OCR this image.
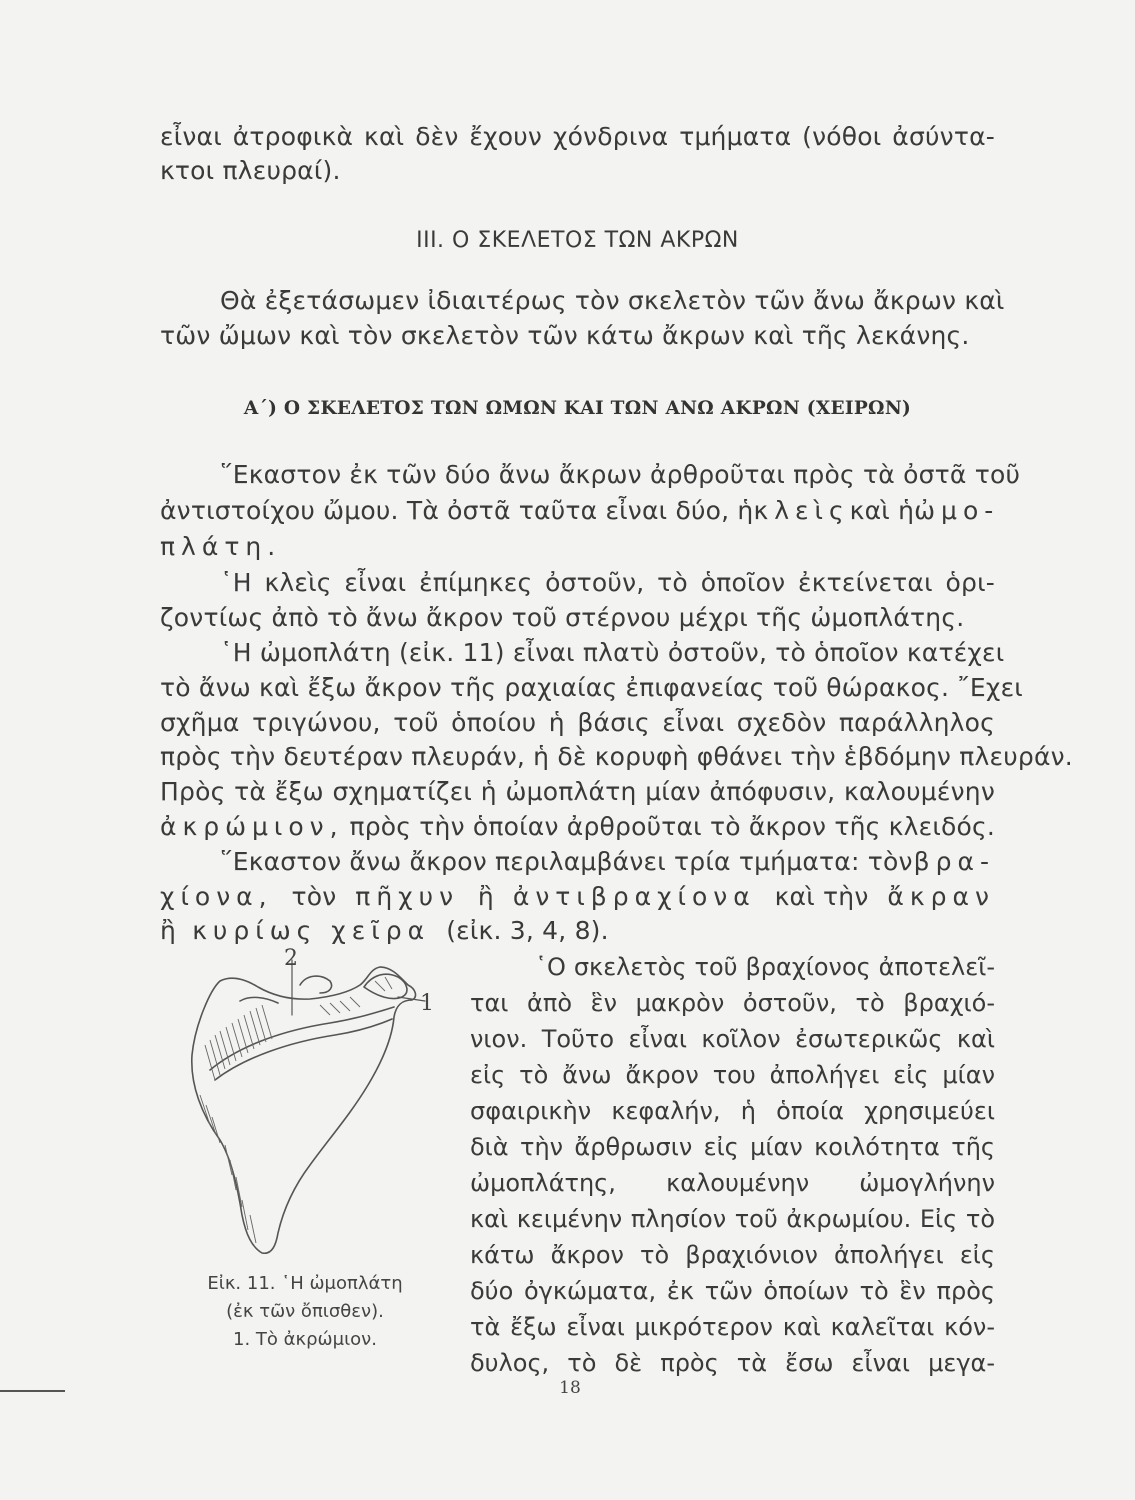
εἶναι ἀτροφικὰ καὶ δὲν ἔχουν χόνδρινα τμήματα (νόθοι ἀσύντα-
κτοι πλευραί).
III. Ο ΣΚΕΛΕΤΟΣ ΤΩΝ ΑΚΡΩΝ
Θὰ ἐξετάσωμεν ἰδιαιτέρως τὸν σκελετὸν τῶν ἄνω ἄκρων καὶ
τῶν ὤμων καὶ τὸν σκελετὸν τῶν κάτω ἄκρων καὶ τῆς λεκάνης.
Α΄) Ο ΣΚΕΛΕΤΟΣ ΤΩΝ ΩΜΩΝ ΚΑΙ ΤΩΝ ΑΝΩ ΑΚΡΩΝ (ΧΕΙΡΩΝ)
῞Εκαστον ἐκ τῶν δύο ἄνω ἄκρων ἀρθροῦται πρὸς τὰ ὀστᾶ τοῦ
ἀντιστοίχου ὤμου. Τὰ ὀστᾶ ταῦτα εἶναι δύο, ἡ κλεὶς καὶ ἡ ὠμο-
πλάτη.
῾Η κλεὶς εἶναι ἐπίμηκες ὀστοῦν, τὸ ὁποῖον ἐκτείνεται ὁρι-
ζοντίως ἀπὸ τὸ ἄνω ἄκρον τοῦ στέρνου μέχρι τῆς ὠμοπλάτης.
῾Η ὠμοπλάτη (εἰκ. 11) εἶναι πλατὺ ὀστοῦν, τὸ ὁποῖον κατέχει
τὸ ἄνω καὶ ἔξω ἄκρον τῆς ραχιαίας ἐπιφανείας τοῦ θώρακος. ῎Εχει
σχῆμα τριγώνου, τοῦ ὁποίου ἡ βάσις εἶναι σχεδὸν παράλληλος
πρὸς τὴν δευτέραν πλευράν, ἡ δὲ κορυφὴ φθάνει τὴν ἑβδόμην πλευράν.
Πρὸς τὰ ἔξω σχηματίζει ἡ ὠμοπλάτη μίαν ἀπόφυσιν, καλουμένην
ἀκρώμιον, πρὸς τὴν ὁποίαν ἀρθροῦται τὸ ἄκρον τῆς κλειδός.
῞Εκαστον ἄνω ἄκρον περιλαμβάνει τρία τμήματα: τὸν βρα-
χίονα, τὸν πῆχυν ἢ ἀντιβραχίονα καὶ τὴν ἄκραν
ἢ κυρίως χεῖρα (εἰκ. 3, 4, 8).
῾Ο σκελετὸς τοῦ βραχίονος ἀποτελεῖ-
ται ἀπὸ ἓν μακρὸν ὀστοῦν, τὸ βραχιό-
νιον. Τοῦτο εἶναι κοῖλον ἐσωτερικῶς καὶ
εἰς τὸ ἄνω ἄκρον του ἀπολήγει εἰς μίαν
σφαιρικὴν κεφαλήν, ἡ ὁποία χρησιμεύει
διὰ τὴν ἄρθρωσιν εἰς μίαν κοιλότητα τῆς
ὠμοπλάτης, καλουμένην ὠμογλήνην
καὶ κειμένην πλησίον τοῦ ἀκρωμίου. Εἰς τὸ
κάτω ἄκρον τὸ βραχιόνιον ἀπολήγει εἰς
δύο ὀγκώματα, ἐκ τῶν ὁποίων τὸ ἓν πρὸς
τὰ ἔξω εἶναι μικρότερον καὶ καλεῖται κόν-
δυλος, τὸ δὲ πρὸς τὰ ἔσω εἶναι μεγα-
2
1
Εἰκ. 11. ῾Η ὠμοπλάτη
(ἐκ τῶν ὄπισθεν).
1. Τὸ ἀκρώμιον.
18
